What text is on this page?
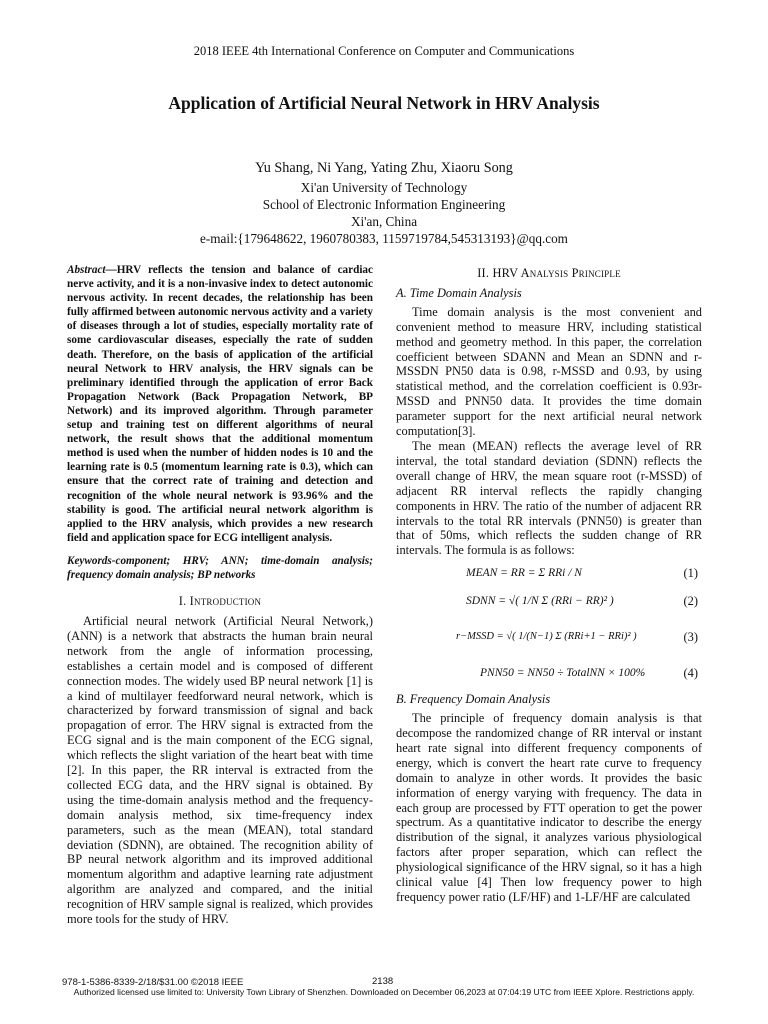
2018 IEEE 4th International Conference on Computer and Communications

Application of Artificial Neural Network in HRV Analysis
Yu Shang, Ni Yang, Yating Zhu, Xiaoru Song
Xi'an University of Technology
School of Electronic Information Engineering
Xi'an, China
e-mail:{179648622, 1960780383, 1159719784,545313193}@qq.com

Abstract—HRV reflects the tension and balance of cardiac nerve activity, and it is a non-invasive index to detect autonomic nervous activity. In recent decades, the relationship has been fully affirmed between autonomic nervous activity and a variety of diseases through a lot of studies, especially mortality rate of some cardiovascular diseases, especially the rate of sudden death. Therefore, on the basis of application of the artificial neural Network to HRV analysis, the HRV signals can be preliminary identified through the application of error Back Propagation Network (Back Propagation Network, BP Network) and its improved algorithm. Through parameter setup and training test on different algorithms of neural network, the result shows that the additional momentum method is used when the number of hidden nodes is 10 and the learning rate is 0.5 (momentum learning rate is 0.3), which can ensure that the correct rate of training and detection and recognition of the whole neural network is 93.96% and the stability is good. The artificial neural network algorithm is applied to the HRV analysis, which provides a new research field and application space for ECG intelligent analysis.

Keywords-component; HRV; ANN; time-domain analysis; frequency domain analysis; BP networks

I. Introduction

Artificial neural network (Artificial Neural Network,) (ANN) is a network that abstracts the human brain neural network from the angle of information processing, establishes a certain model and is composed of different connection modes. The widely used BP neural network [1] is a kind of multilayer feedforward neural network, which is characterized by forward transmission of signal and back propagation of error. The HRV signal is extracted from the ECG signal and is the main component of the ECG signal, which reflects the slight variation of the heart beat with time [2]. In this paper, the RR interval is extracted from the collected ECG data, and the HRV signal is obtained. By using the time-domain analysis method and the frequency-domain analysis method, six time-frequency index parameters, such as the mean (MEAN), total standard deviation (SDNN), are obtained. The recognition ability of BP neural network algorithm and its improved additional momentum algorithm and adaptive learning rate adjustment algorithm are analyzed and compared, and the initial recognition of HRV sample signal is realized, which provides more tools for the study of HRV.

II. HRV Analysis Principle

A. Time Domain Analysis

Time domain analysis is the most convenient and convenient method to measure HRV, including statistical method and geometry method. In this paper, the correlation coefficient between SDANN and Mean an SDNN and r-MSSDN PN50 data is 0.98, r-MSSD and 0.93, by using statistical method, and the correlation coefficient is 0.93r-MSSD and PNN50 data. It provides the time domain parameter support for the next artificial neural network computation[3].

The mean (MEAN) reflects the average level of RR interval, the total standard deviation (SDNN) reflects the overall change of HRV, the mean square root (r-MSSD) of adjacent RR interval reflects the rapidly changing components in HRV. The ratio of the number of adjacent RR intervals to the total RR intervals (PNN50) is greater than that of 50ms, which reflects the sudden change of RR intervals. The formula is as follows:

MEAN = RR = Σ RRi / N	(1)
SDNN = √( 1/N Σ (RRi − RR)² )	(2)
r−MSSD = √( 1/(N−1) Σ (RRi+1 − RRi)² )	(3)
PNN50 = NN50 ÷ TotalNN × 100%	(4)

B. Frequency Domain Analysis

The principle of frequency domain analysis is that decompose the randomized change of RR interval or instant heart rate signal into different frequency components of energy, which is convert the heart rate curve to frequency domain to analyze in other words. It provides the basic information of energy varying with frequency. The data in each group are processed by FTT operation to get the power spectrum. As a quantitative indicator to describe the energy distribution of the signal, it analyzes various physiological factors after proper separation, which can reflect the physiological significance of the HRV signal, so it has a high clinical value [4] Then low frequency power to high frequency power ratio (LF/HF) and 1-LF/HF are calculated

978-1-5386-8339-2/18/$31.00 ©2018 IEEE	2138
Authorized licensed use limited to: University Town Library of Shenzhen. Downloaded on December 06,2023 at 07:04:19 UTC from IEEE Xplore. Restrictions apply.
